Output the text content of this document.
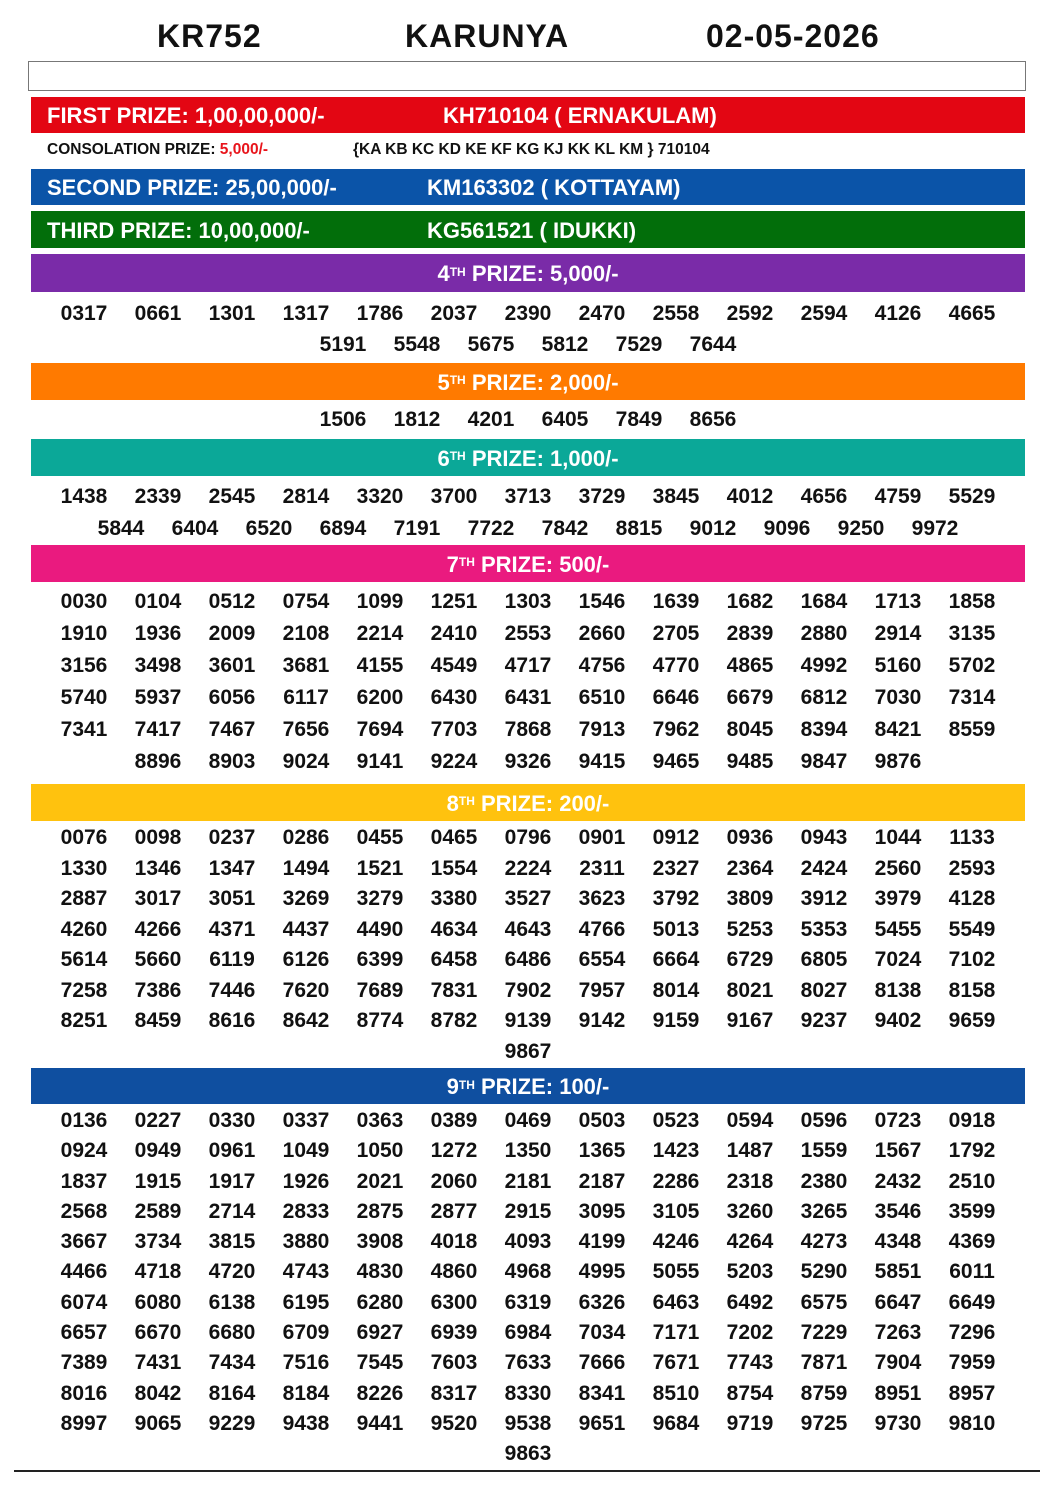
KR752	KARUNYA	02-05-2026
FIRST PRIZE: 1,00,00,000/-	KH710104 ( ERNAKULAM)
CONSOLATION PRIZE: 5,000/-	{KA KB KC KD KE KF KG KJ KK KL KM } 710104
SECOND PRIZE: 25,00,000/-	KM163302 ( KOTTAYAM)
THIRD PRIZE: 10,00,000/-	KG561521 ( IDUKKI)
4TH PRIZE: 5,000/-
0317	0661	1301	1317	1786	2037	2390	2470	2558	2592	2594	4126	4665
5191	5548	5675	5812	7529	7644
5TH PRIZE: 2,000/-
1506	1812	4201	6405	7849	8656
6TH PRIZE: 1,000/-
1438	2339	2545	2814	3320	3700	3713	3729	3845	4012	4656	4759	5529
5844	6404	6520	6894	7191	7722	7842	8815	9012	9096	9250	9972
7TH PRIZE: 500/-
0030	0104	0512	0754	1099	1251	1303	1546	1639	1682	1684	1713	1858
1910	1936	2009	2108	2214	2410	2553	2660	2705	2839	2880	2914	3135
3156	3498	3601	3681	4155	4549	4717	4756	4770	4865	4992	5160	5702
5740	5937	6056	6117	6200	6430	6431	6510	6646	6679	6812	7030	7314
7341	7417	7467	7656	7694	7703	7868	7913	7962	8045	8394	8421	8559
8896	8903	9024	9141	9224	9326	9415	9465	9485	9847	9876
8TH PRIZE: 200/-
0076	0098	0237	0286	0455	0465	0796	0901	0912	0936	0943	1044	1133
1330	1346	1347	1494	1521	1554	2224	2311	2327	2364	2424	2560	2593
2887	3017	3051	3269	3279	3380	3527	3623	3792	3809	3912	3979	4128
4260	4266	4371	4437	4490	4634	4643	4766	5013	5253	5353	5455	5549
5614	5660	6119	6126	6399	6458	6486	6554	6664	6729	6805	7024	7102
7258	7386	7446	7620	7689	7831	7902	7957	8014	8021	8027	8138	8158
8251	8459	8616	8642	8774	8782	9139	9142	9159	9167	9237	9402	9659
9867
9TH PRIZE: 100/-
0136	0227	0330	0337	0363	0389	0469	0503	0523	0594	0596	0723	0918
0924	0949	0961	1049	1050	1272	1350	1365	1423	1487	1559	1567	1792
1837	1915	1917	1926	2021	2060	2181	2187	2286	2318	2380	2432	2510
2568	2589	2714	2833	2875	2877	2915	3095	3105	3260	3265	3546	3599
3667	3734	3815	3880	3908	4018	4093	4199	4246	4264	4273	4348	4369
4466	4718	4720	4743	4830	4860	4968	4995	5055	5203	5290	5851	6011
6074	6080	6138	6195	6280	6300	6319	6326	6463	6492	6575	6647	6649
6657	6670	6680	6709	6927	6939	6984	7034	7171	7202	7229	7263	7296
7389	7431	7434	7516	7545	7603	7633	7666	7671	7743	7871	7904	7959
8016	8042	8164	8184	8226	8317	8330	8341	8510	8754	8759	8951	8957
8997	9065	9229	9438	9441	9520	9538	9651	9684	9719	9725	9730	9810
9863
